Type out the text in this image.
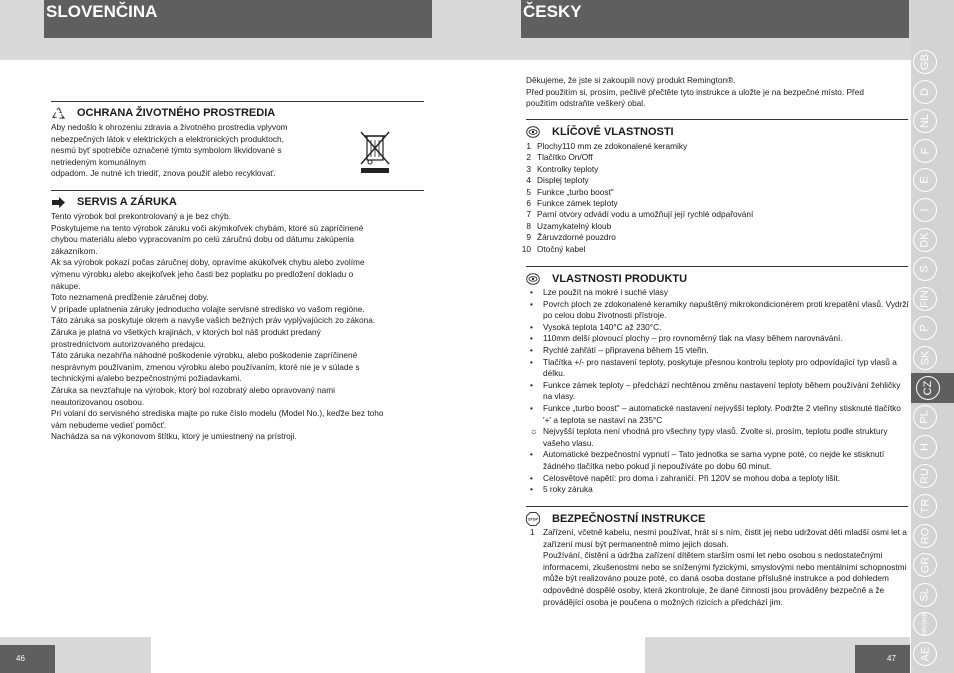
SLOVENČINA	ČESKY
46	47
OCHRANA ŽIVOTNÉHO PROSTREDIA

Aby nedošlo k ohrozeniu zdravia a životného prostredia vplyvom

nebezpečných látok v elektrických a elektronických produktoch,

nesmú byť spotrebiče označené týmto symbolom likvidované s

netriedeným komunálnym

odpadom. Je nutné ich triediť, znova použiť alebo recyklovať.

SERVIS A ZÁRUKA

Tento výrobok bol prekontrolovaný a je bez chýb.

Poskytujeme na tento výrobok záruku voči akýmkoľvek chybám, ktoré sú zapríčinené

chybou materiálu alebo vypracovaním po celú záručnú dobu od dátumu zakúpenia

zákazníkom.

Ak sa výrobok pokazí počas záručnej doby, opravíme akúkoľvek chybu alebo zvolíme

výmenu výrobku alebo akejkoľvek jeho časti bez poplatku po predložení dokladu o

nákupe.

Toto neznamená predĺženie záručnej doby.

V prípade uplatnenia záruky jednoducho volajte servisné stredisko vo vašom regióne.

Táto záruka sa poskytuje okrem a navyše vašich bežných práv vyplývajúcich zo zákona.

Záruka je platná vo všetkých krajinách, v ktorých bol náš produkt predaný

prostredníctvom autorizovaného predajcu.

Táto záruka nezahŕňa náhodné poškodenie výrobku, alebo poškodenie zapríčinené

nesprávnym používaním, zmenou výrobku alebo používaním, ktoré nie je v súlade s

technickými a/alebo bezpečnostnými požiadavkami.

Záruka sa nevzťahuje na výrobok, ktorý bol rozobratý alebo opravovaný nami

neautorizovanou osobou.

Pri volaní do servisného strediska majte po ruke číslo modelu (Model No.), keďže bez toho

vám nebudeme vedieť pomôcť.

Nachádza sa na výkonovom štítku, ktorý je umiestnený na prístroji.

Děkujeme, že jste si zakoupili nový produkt Remington®.

Před použitím si, prosím, pečlivě přečtěte tyto instrukce a uložte je na bezpečné místo. Před

použitím odstraňte veškerý obal.

KLÍČOVÉ VLASTNOSTI
1 Plochy110 mm ze zdokonalené keramiky
2 Tlačítko On/Off
3 Kontrolky teploty
4 Displej teploty
5 Funkce „turbo boost"
6 Funkce zámek teploty
7 Parní otvory odvádí vodu a umožňují její rychlé odpařování
8 Uzamykatelný kloub
9 Žáruvzdorné pouzdro
10 Otočný kabel
VLASTNOSTI PRODUKTU
•	Lze použít na mokré i suché vlasy
•	Povrch ploch ze zdokonalené keramiky napuštěný mikrokondicionérem proti krepatění vlasů. Vydrží po celou dobu životnosti přístroje.
•	Vysoká teplota 140°C až 230°C.
•	110mm delší plovoucí plochy – pro rovnoměrný tlak na vlasy během narovnávání.
•	Rychlé zahřátí – připravena během 15 vteřin.
•	Tlačítka +/- pro nastavení teploty, poskytuje přesnou kontrolu teploty pro odpovídající typ vlasů a délku.
•	Funkce zámek teploty – předchází nechtěnou změnu nastavení teploty během používání žehličky na vlasy.
•	Funkce „turbo boost" – automatické nastavení nejvyšší teploty. Podržte 2 vteřiny stisknuté tlačítko '+' a teplota se nastaví na 235°C
☼ Nejvyšší teplota není vhodná pro všechny typy vlasů. Zvolte si, prosím, teplotu podle struktury vašeho vlasu.
•	Automatické bezpečnostní vypnutí – Tato jednotka se sama vypne poté, co nejde ke stisknutí žádného tlačítka nebo pokud ji nepoužíváte po dobu 60 minut.
•	Celosvětové napětí: pro doma i zahraničí. Při 120V se mohou doba a teploty lišit.
•	5 roky záruka
STOP BEZPEČNOSTNÍ INSTRUKCE
1	Zařízení, včetně kabelu, nesmí používat, hrát si s ním, čistit jej nebo udržovat děti mladší osmi let a zařízení musí být permanentně mimo jejich dosah.
Používání, čistění a údržba zařízení dítětem starším osmi let nebo osobou s nedostatečnými informacemi, zkušenostmi nebo se sníženými fyzickými, smyslovými nebo mentálními schopnostmi může být realizováno pouze poté, co daná osoba dostane příslušné instrukce a pod dohledem odpovědné dospělé osoby, která zkontroluje, že dané činnosti jsou prováděny bezpečně a že provádějící osoba je poučena o možných rizicích a předchází jim.
GB
D
NL
F
E
I
DK
S
FIN
P
SK
CZ
PL
H
RU
TR
RO
GR
SL
HR/SRB
AE
